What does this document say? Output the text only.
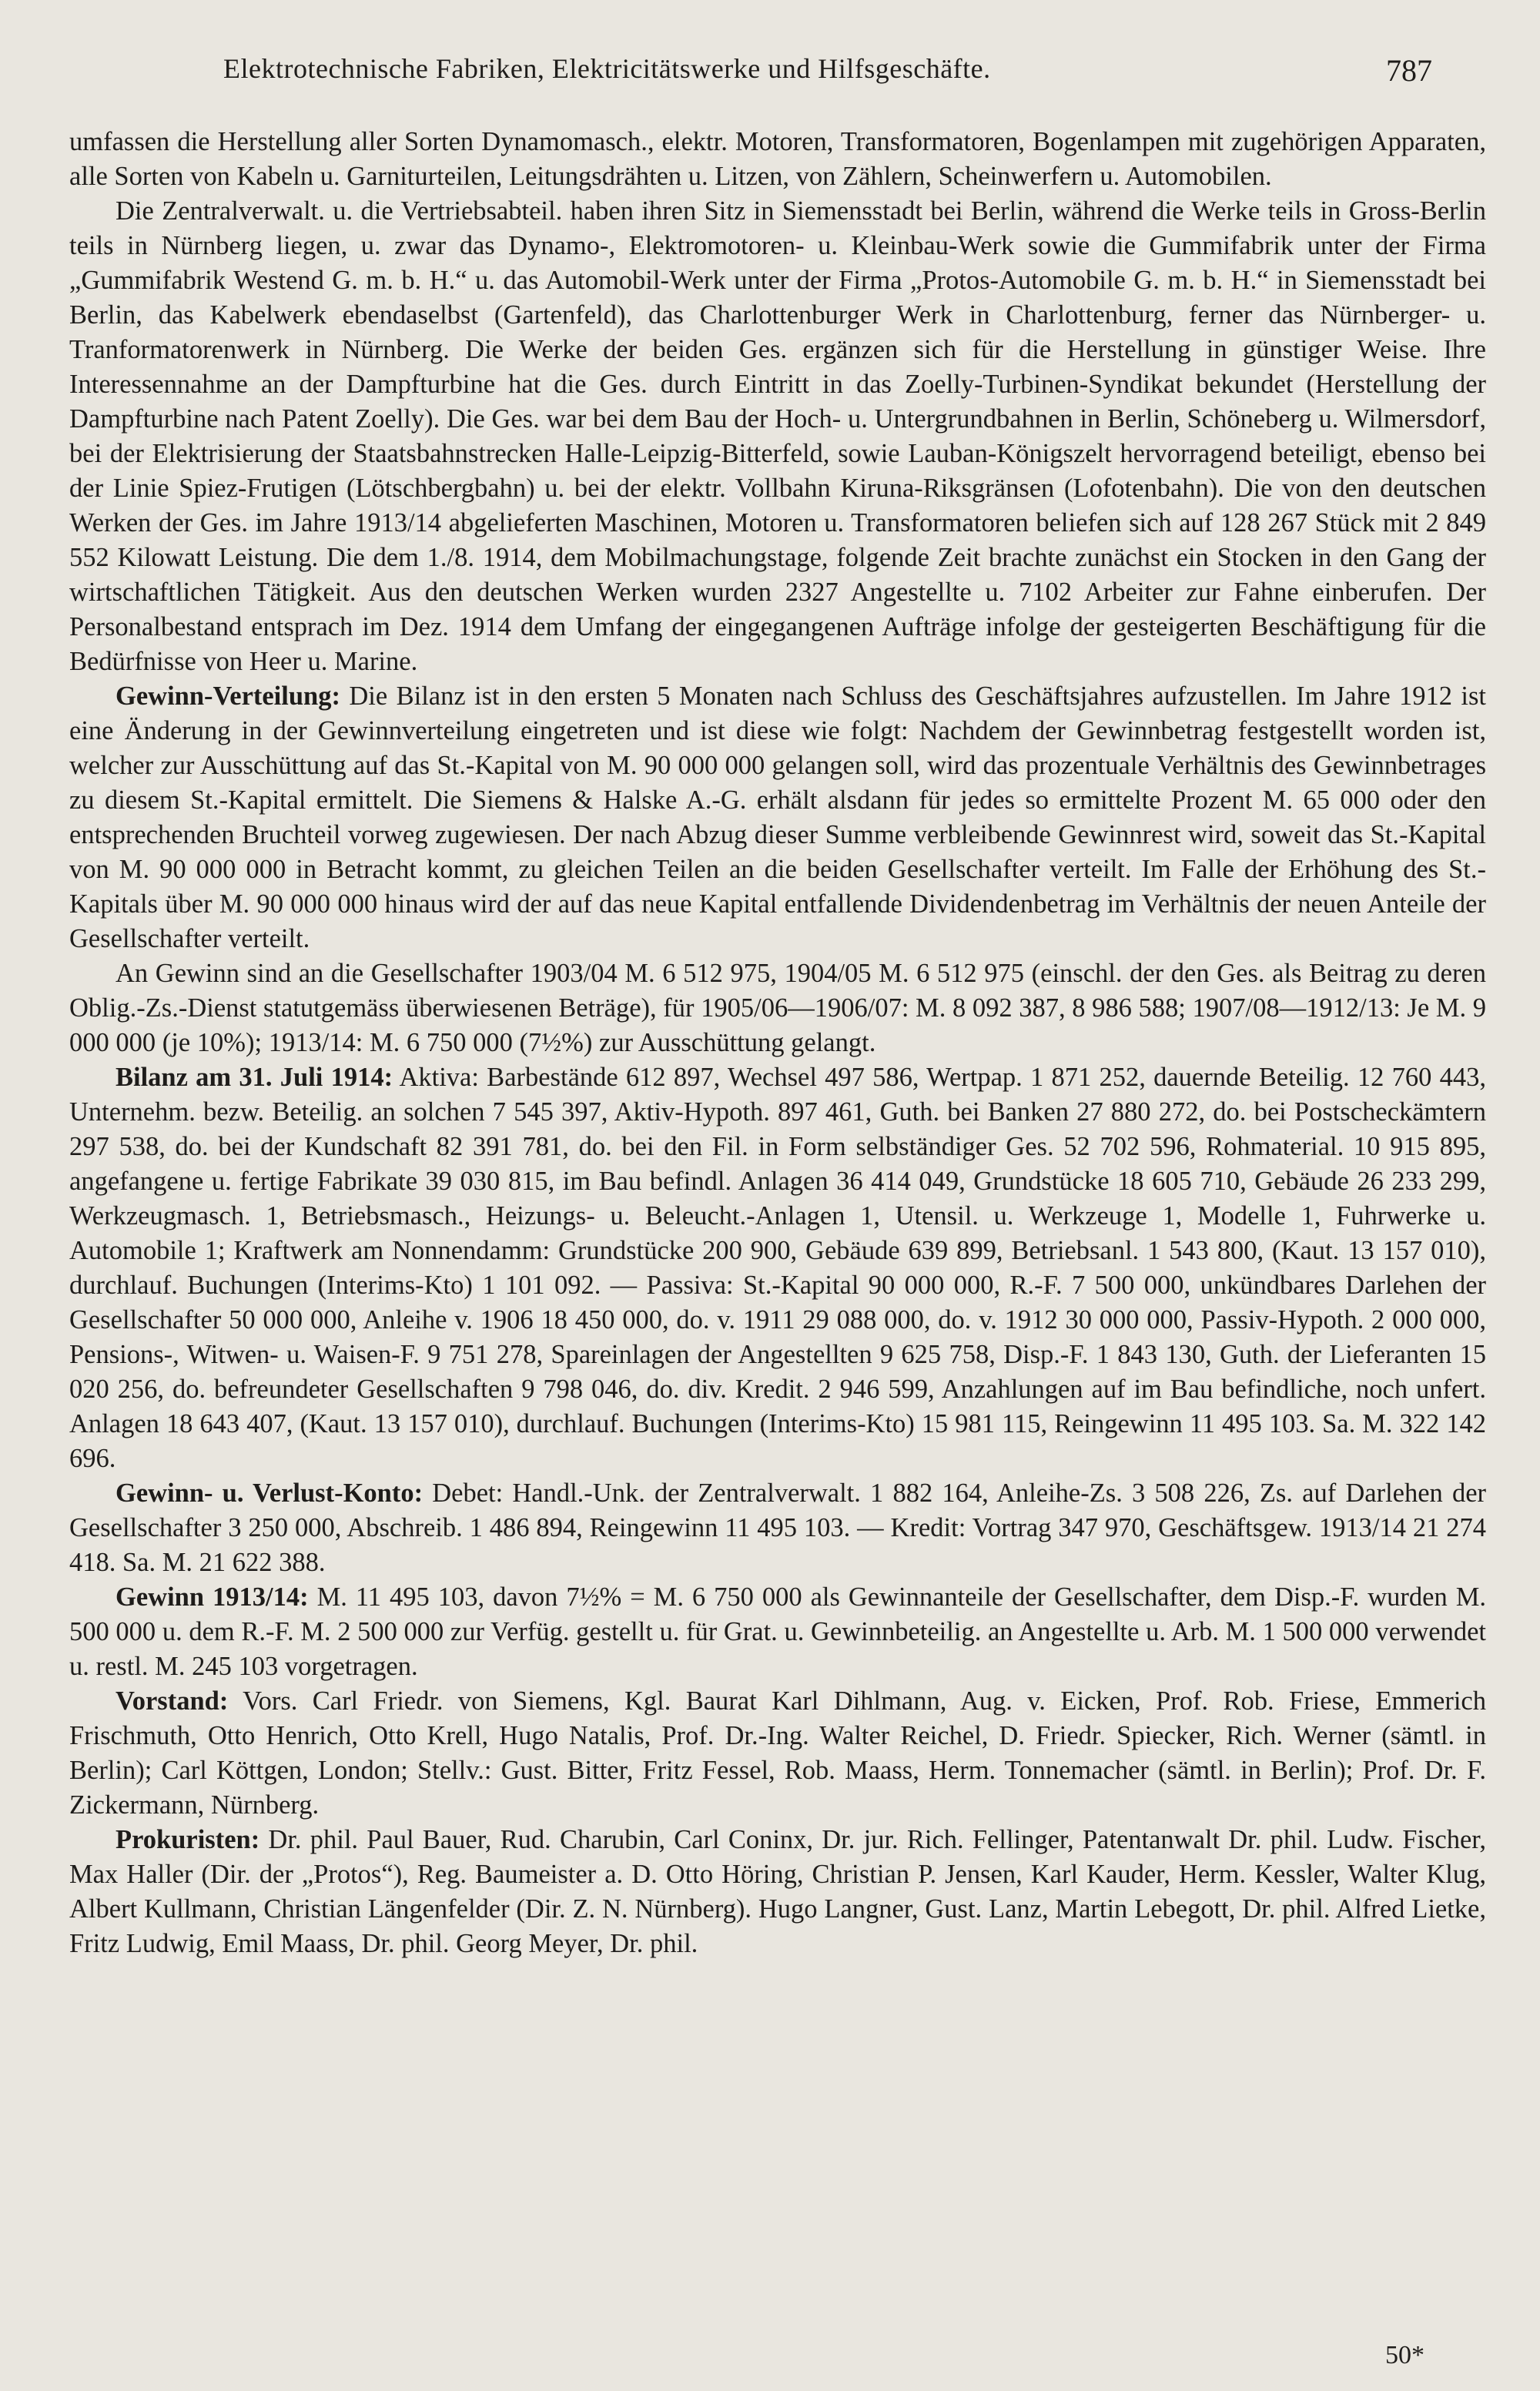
Elektrotechnische Fabriken, Elektricitätswerke und Hilfsgeschäfte.	787

umfassen die Herstellung aller Sorten Dynamomasch., elektr. Motoren, Transformatoren, Bogenlampen mit zugehörigen Apparaten, alle Sorten von Kabeln u. Garniturteilen, Leitungsdrähten u. Litzen, von Zählern, Scheinwerfern u. Automobilen.

Die Zentralverwalt. u. die Vertriebsabteil. haben ihren Sitz in Siemensstadt bei Berlin, während die Werke teils in Gross-Berlin teils in Nürnberg liegen, u. zwar das Dynamo-, Elektromotoren- u. Kleinbau-Werk sowie die Gummifabrik unter der Firma „Gummifabrik Westend G. m. b. H.“ u. das Automobil-Werk unter der Firma „Protos-Automobile G. m. b. H.“ in Siemensstadt bei Berlin, das Kabelwerk ebendaselbst (Gartenfeld), das Charlottenburger Werk in Charlottenburg, ferner das Nürnberger- u. Tranformatorenwerk in Nürnberg. Die Werke der beiden Ges. ergänzen sich für die Herstellung in günstiger Weise. Ihre Interessennahme an der Dampfturbine hat die Ges. durch Eintritt in das Zoelly-Turbinen-Syndikat bekundet (Herstellung der Dampfturbine nach Patent Zoelly). Die Ges. war bei dem Bau der Hoch- u. Untergrundbahnen in Berlin, Schöneberg u. Wilmersdorf, bei der Elektrisierung der Staatsbahnstrecken Halle-Leipzig-Bitterfeld, sowie Lauban-Königszelt hervorragend beteiligt, ebenso bei der Linie Spiez-Frutigen (Lötschbergbahn) u. bei der elektr. Vollbahn Kiruna-Riksgränsen (Lofotenbahn). Die von den deutschen Werken der Ges. im Jahre 1913/14 abgelieferten Maschinen, Motoren u. Transformatoren beliefen sich auf 128 267 Stück mit 2 849 552 Kilowatt Leistung. Die dem 1./8. 1914, dem Mobilmachungstage, folgende Zeit brachte zunächst ein Stocken in den Gang der wirtschaftlichen Tätigkeit. Aus den deutschen Werken wurden 2327 Angestellte u. 7102 Arbeiter zur Fahne einberufen. Der Personalbestand entsprach im Dez. 1914 dem Umfang der eingegangenen Aufträge infolge der gesteigerten Beschäftigung für die Bedürfnisse von Heer u. Marine.

Gewinn-Verteilung: Die Bilanz ist in den ersten 5 Monaten nach Schluss des Geschäftsjahres aufzustellen. Im Jahre 1912 ist eine Änderung in der Gewinnverteilung eingetreten und ist diese wie folgt: Nachdem der Gewinnbetrag festgestellt worden ist, welcher zur Ausschüttung auf das St.-Kapital von M. 90 000 000 gelangen soll, wird das prozentuale Verhältnis des Gewinnbetrages zu diesem St.-Kapital ermittelt. Die Siemens & Halske A.-G. erhält alsdann für jedes so ermittelte Prozent M. 65 000 oder den entsprechenden Bruchteil vorweg zugewiesen. Der nach Abzug dieser Summe verbleibende Gewinnrest wird, soweit das St.-Kapital von M. 90 000 000 in Betracht kommt, zu gleichen Teilen an die beiden Gesellschafter verteilt. Im Falle der Erhöhung des St.-Kapitals über M. 90 000 000 hinaus wird der auf das neue Kapital entfallende Dividendenbetrag im Verhältnis der neuen Anteile der Gesellschafter verteilt.

An Gewinn sind an die Gesellschafter 1903/04 M. 6 512 975, 1904/05 M. 6 512 975 (einschl. der den Ges. als Beitrag zu deren Oblig.-Zs.-Dienst statutgemäss überwiesenen Beträge), für 1905/06—1906/07: M. 8 092 387, 8 986 588; 1907/08—1912/13: Je M. 9 000 000 (je 10%); 1913/14: M. 6 750 000 (7½%) zur Ausschüttung gelangt.

Bilanz am 31. Juli 1914: Aktiva: Barbestände 612 897, Wechsel 497 586, Wertpap. 1 871 252, dauernde Beteilig. 12 760 443, Unternehm. bezw. Beteilig. an solchen 7 545 397, Aktiv-Hypoth. 897 461, Guth. bei Banken 27 880 272, do. bei Postscheckämtern 297 538, do. bei der Kundschaft 82 391 781, do. bei den Fil. in Form selbständiger Ges. 52 702 596, Rohmaterial. 10 915 895, angefangene u. fertige Fabrikate 39 030 815, im Bau befindl. Anlagen 36 414 049, Grundstücke 18 605 710, Gebäude 26 233 299, Werkzeugmasch. 1, Betriebsmasch., Heizungs- u. Beleucht.-Anlagen 1, Utensil. u. Werkzeuge 1, Modelle 1, Fuhrwerke u. Automobile 1; Kraftwerk am Nonnendamm: Grundstücke 200 900, Gebäude 639 899, Betriebsanl. 1 543 800, (Kaut. 13 157 010), durchlauf. Buchungen (Interims-Kto) 1 101 092. — Passiva: St.-Kapital 90 000 000, R.-F. 7 500 000, unkündbares Darlehen der Gesellschafter 50 000 000, Anleihe v. 1906 18 450 000, do. v. 1911 29 088 000, do. v. 1912 30 000 000, Passiv-Hypoth. 2 000 000, Pensions-, Witwen- u. Waisen-F. 9 751 278, Spareinlagen der Angestellten 9 625 758, Disp.-F. 1 843 130, Guth. der Lieferanten 15 020 256, do. befreundeter Gesellschaften 9 798 046, do. div. Kredit. 2 946 599, Anzahlungen auf im Bau befindliche, noch unfert. Anlagen 18 643 407, (Kaut. 13 157 010), durchlauf. Buchungen (Interims-Kto) 15 981 115, Reingewinn 11 495 103. Sa. M. 322 142 696.

Gewinn- u. Verlust-Konto: Debet: Handl.-Unk. der Zentralverwalt. 1 882 164, Anleihe-Zs. 3 508 226, Zs. auf Darlehen der Gesellschafter 3 250 000, Abschreib. 1 486 894, Reingewinn 11 495 103. — Kredit: Vortrag 347 970, Geschäftsgew. 1913/14 21 274 418. Sa. M. 21 622 388.

Gewinn 1913/14: M. 11 495 103, davon 7½% = M. 6 750 000 als Gewinnanteile der Gesellschafter, dem Disp.-F. wurden M. 500 000 u. dem R.-F. M. 2 500 000 zur Verfüg. gestellt u. für Grat. u. Gewinnbeteilig. an Angestellte u. Arb. M. 1 500 000 verwendet u. restl. M. 245 103 vorgetragen.

Vorstand: Vors. Carl Friedr. von Siemens, Kgl. Baurat Karl Dihlmann, Aug. v. Eicken, Prof. Rob. Friese, Emmerich Frischmuth, Otto Henrich, Otto Krell, Hugo Natalis, Prof. Dr.-Ing. Walter Reichel, D. Friedr. Spiecker, Rich. Werner (sämtl. in Berlin); Carl Köttgen, London; Stellv.: Gust. Bitter, Fritz Fessel, Rob. Maass, Herm. Tonnemacher (sämtl. in Berlin); Prof. Dr. F. Zickermann, Nürnberg.

Prokuristen: Dr. phil. Paul Bauer, Rud. Charubin, Carl Coninx, Dr. jur. Rich. Fellinger, Patentanwalt Dr. phil. Ludw. Fischer, Max Haller (Dir. der „Protos“), Reg. Baumeister a. D. Otto Höring, Christian P. Jensen, Karl Kauder, Herm. Kessler, Walter Klug, Albert Kullmann, Christian Längenfelder (Dir. Z. N. Nürnberg). Hugo Langner, Gust. Lanz, Martin Lebegott, Dr. phil. Alfred Lietke, Fritz Ludwig, Emil Maass, Dr. phil. Georg Meyer, Dr. phil.

50*
